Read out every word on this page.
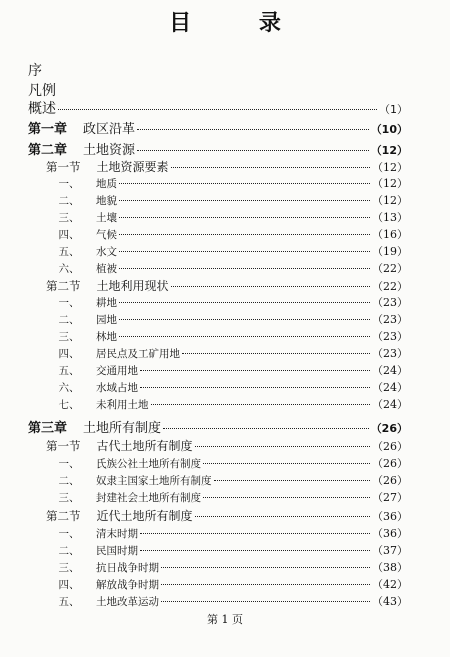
目 录
序
凡例
概述	（1）
第一章 政区沿革	（10）
第二章 土地资源	（12）
第一节 土地资源要素	（12）
一、 地质	（12）
二、 地貌	（12）
三、 土壤	（13）
四、 气候	（16）
五、 水文	（19）
六、 植被	（22）
第二节 土地利用现状	（22）
一、 耕地	（23）
二、 园地	（23）
三、 林地	（23）
四、 居民点及工矿用地	（23）
五、 交通用地	（24）
六、 水域占地	（24）
七、 未利用土地	（24）
第三章 土地所有制度	（26）
第一节 古代土地所有制度	（26）
一、 氏族公社土地所有制度	（26）
二、 奴隶主国家土地所有制度	（26）
三、 封建社会土地所有制度	（27）
第二节 近代土地所有制度	（36）
一、 清末时期	（36）
二、 民国时期	（37）
三、 抗日战争时期	（38）
四、 解放战争时期	（42）
五、 土地改革运动	（43）
第 1 页
